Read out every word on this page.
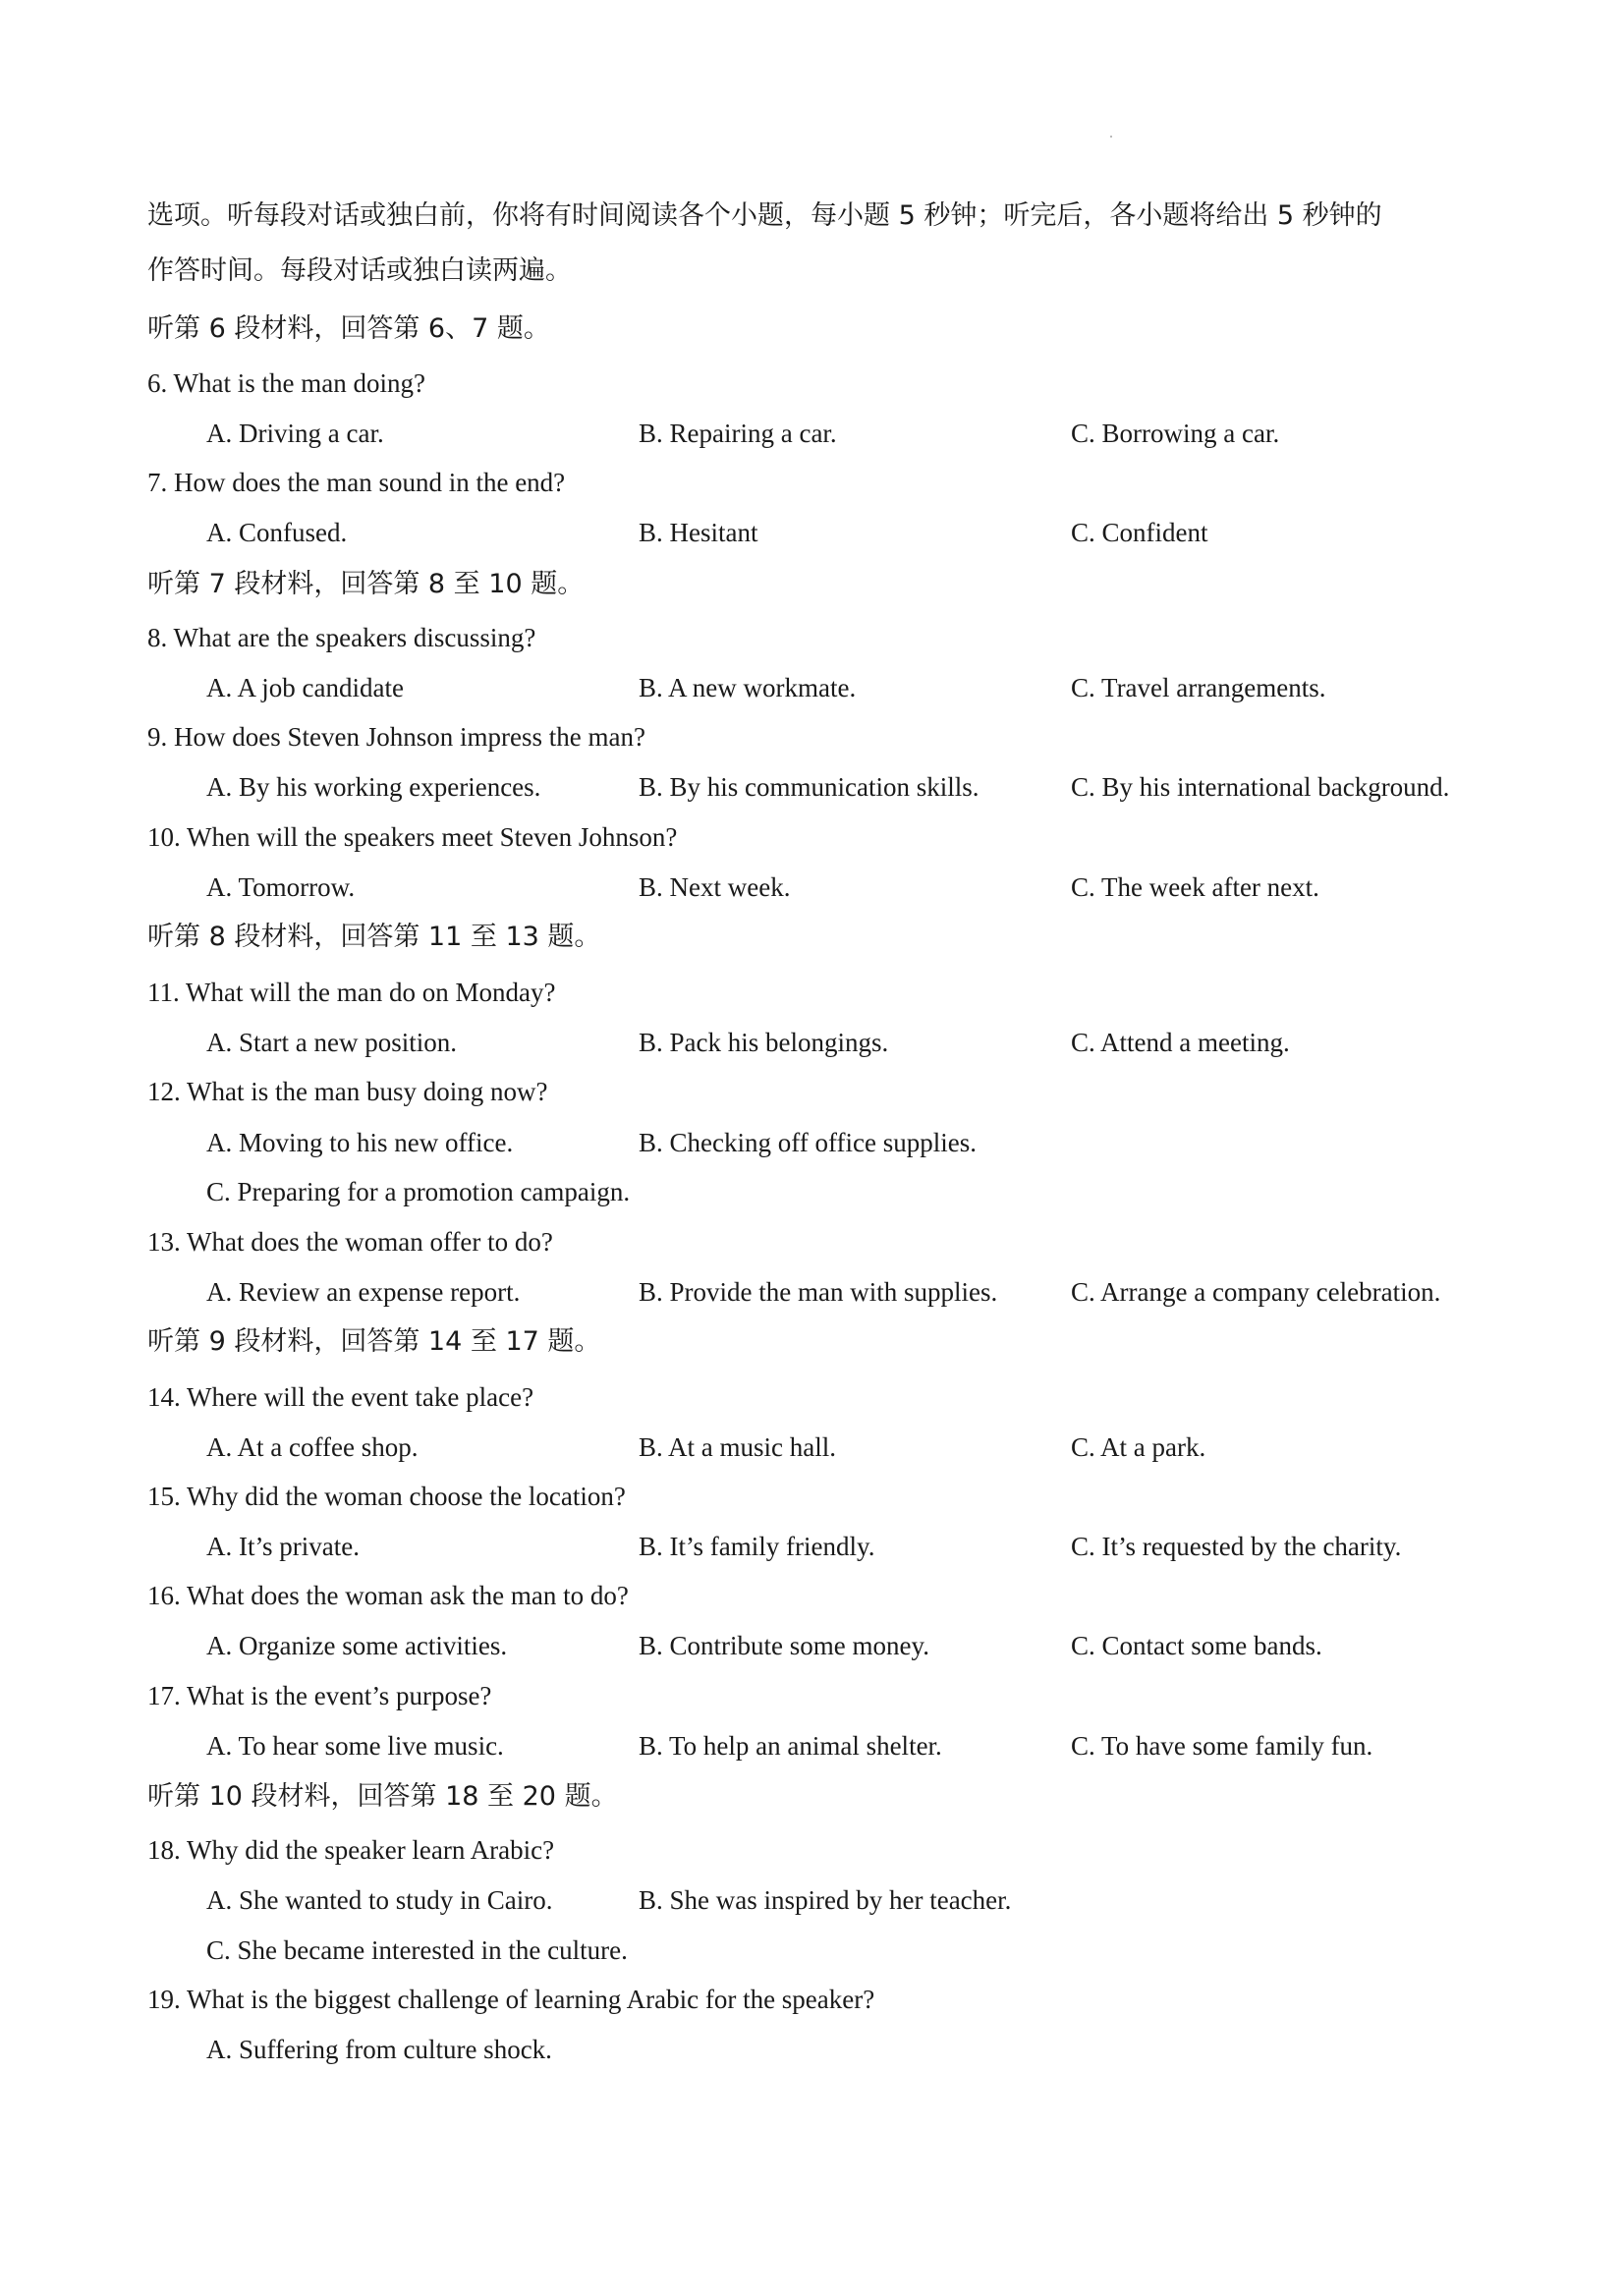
选项。听每段对话或独白前，你将有时间阅读各个小题，每小题 5 秒钟；听完后，各小题将给出 5 秒钟的
作答时间。每段对话或独白读两遍。
听第 6 段材料，回答第 6、7 题。
6. What is the man doing?
A. Driving a car.	B. Repairing a car.	C. Borrowing a car.
7. How does the man sound in the end?
A. Confused.	B. Hesitant	C. Confident
听第 7 段材料，回答第 8 至 10 题。
8. What are the speakers discussing?
A. A job candidate	B. A new workmate.	C. Travel arrangements.
9. How does Steven Johnson impress the man?
A. By his working experiences.	B. By his communication skills.	C. By his international background.
10. When will the speakers meet Steven Johnson?
A. Tomorrow.	B. Next week.	C. The week after next.
听第 8 段材料，回答第 11 至 13 题。
11. What will the man do on Monday?
A. Start a new position.	B. Pack his belongings.	C. Attend a meeting.
12. What is the man busy doing now?
A. Moving to his new office.	B. Checking off office supplies.
C. Preparing for a promotion campaign.
13. What does the woman offer to do?
A. Review an expense report.	B. Provide the man with supplies.	C. Arrange a company celebration.
听第 9 段材料，回答第 14 至 17 题。
14. Where will the event take place?
A. At a coffee shop.	B. At a music hall.	C. At a park.
15. Why did the woman choose the location?
A. It’s private.	B. It’s family friendly.	C. It’s requested by the charity.
16. What does the woman ask the man to do?
A. Organize some activities.	B. Contribute some money.	C. Contact some bands.
17. What is the event’s purpose?
A. To hear some live music.	B. To help an animal shelter.	C. To have some family fun.
听第 10 段材料，回答第 18 至 20 题。
18. Why did the speaker learn Arabic?
A. She wanted to study in Cairo.	B. She was inspired by her teacher.
C. She became interested in the culture.
19. What is the biggest challenge of learning Arabic for the speaker?
A. Suffering from culture shock.
